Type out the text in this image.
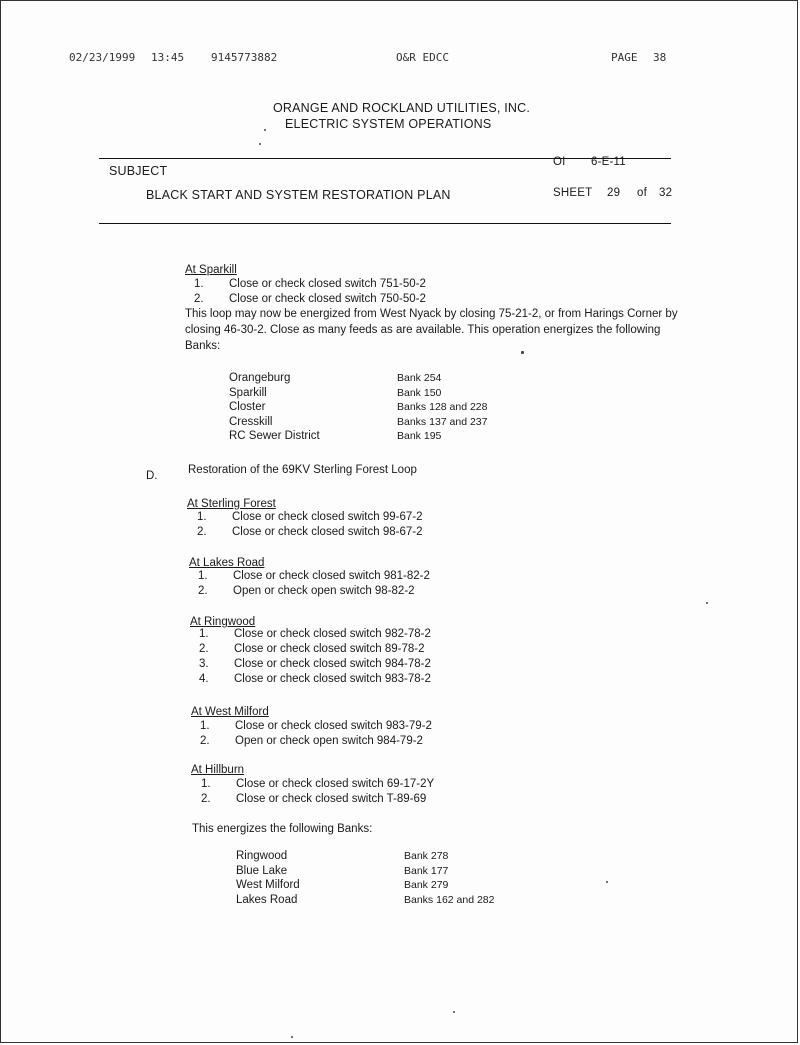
02/23/1999 13:45 9145773882	O&R EDCC	PAGE 38
ORANGE AND ROCKLAND UTILITIES, INC.
ELECTRIC SYSTEM OPERATIONS
SUBJECT
OI 6-E-11
BLACK START AND SYSTEM RESTORATION PLAN	SHEET 29 of 32
At Sparkill
1.	Close or check closed switch 751-50-2
2.	Close or check closed switch 750-50-2
This loop may now be energized from West Nyack by closing 75-21-2, or from Harings Corner by closing 46-30-2. Close as many feeds as are available. This operation energizes the following Banks:
Orangeburg	Bank 254
Sparkill	Bank 150
Closter	Banks 128 and 228
Cresskill	Banks 137 and 237
RC Sewer District	Bank 195
D.	Restoration of the 69KV Sterling Forest Loop
At Sterling Forest
1.	Close or check closed switch 99-67-2
2.	Close or check closed switch 98-67-2
At Lakes Road
1.	Close or check closed switch 981-82-2
2.	Open or check open switch 98-82-2
At Ringwood
1.	Close or check closed switch 982-78-2
2.	Close or check closed switch 89-78-2
3.	Close or check closed switch 984-78-2
4.	Close or check closed switch 983-78-2
At West Milford
1.	Close or check closed switch 983-79-2
2.	Open or check open switch 984-79-2
At Hillburn
1.	Close or check closed switch 69-17-2Y
2.	Close or check closed switch T-89-69
This energizes the following Banks:
Ringwood	Bank 278
Blue Lake	Bank 177
West Milford	Bank 279
Lakes Road	Banks 162 and 282
